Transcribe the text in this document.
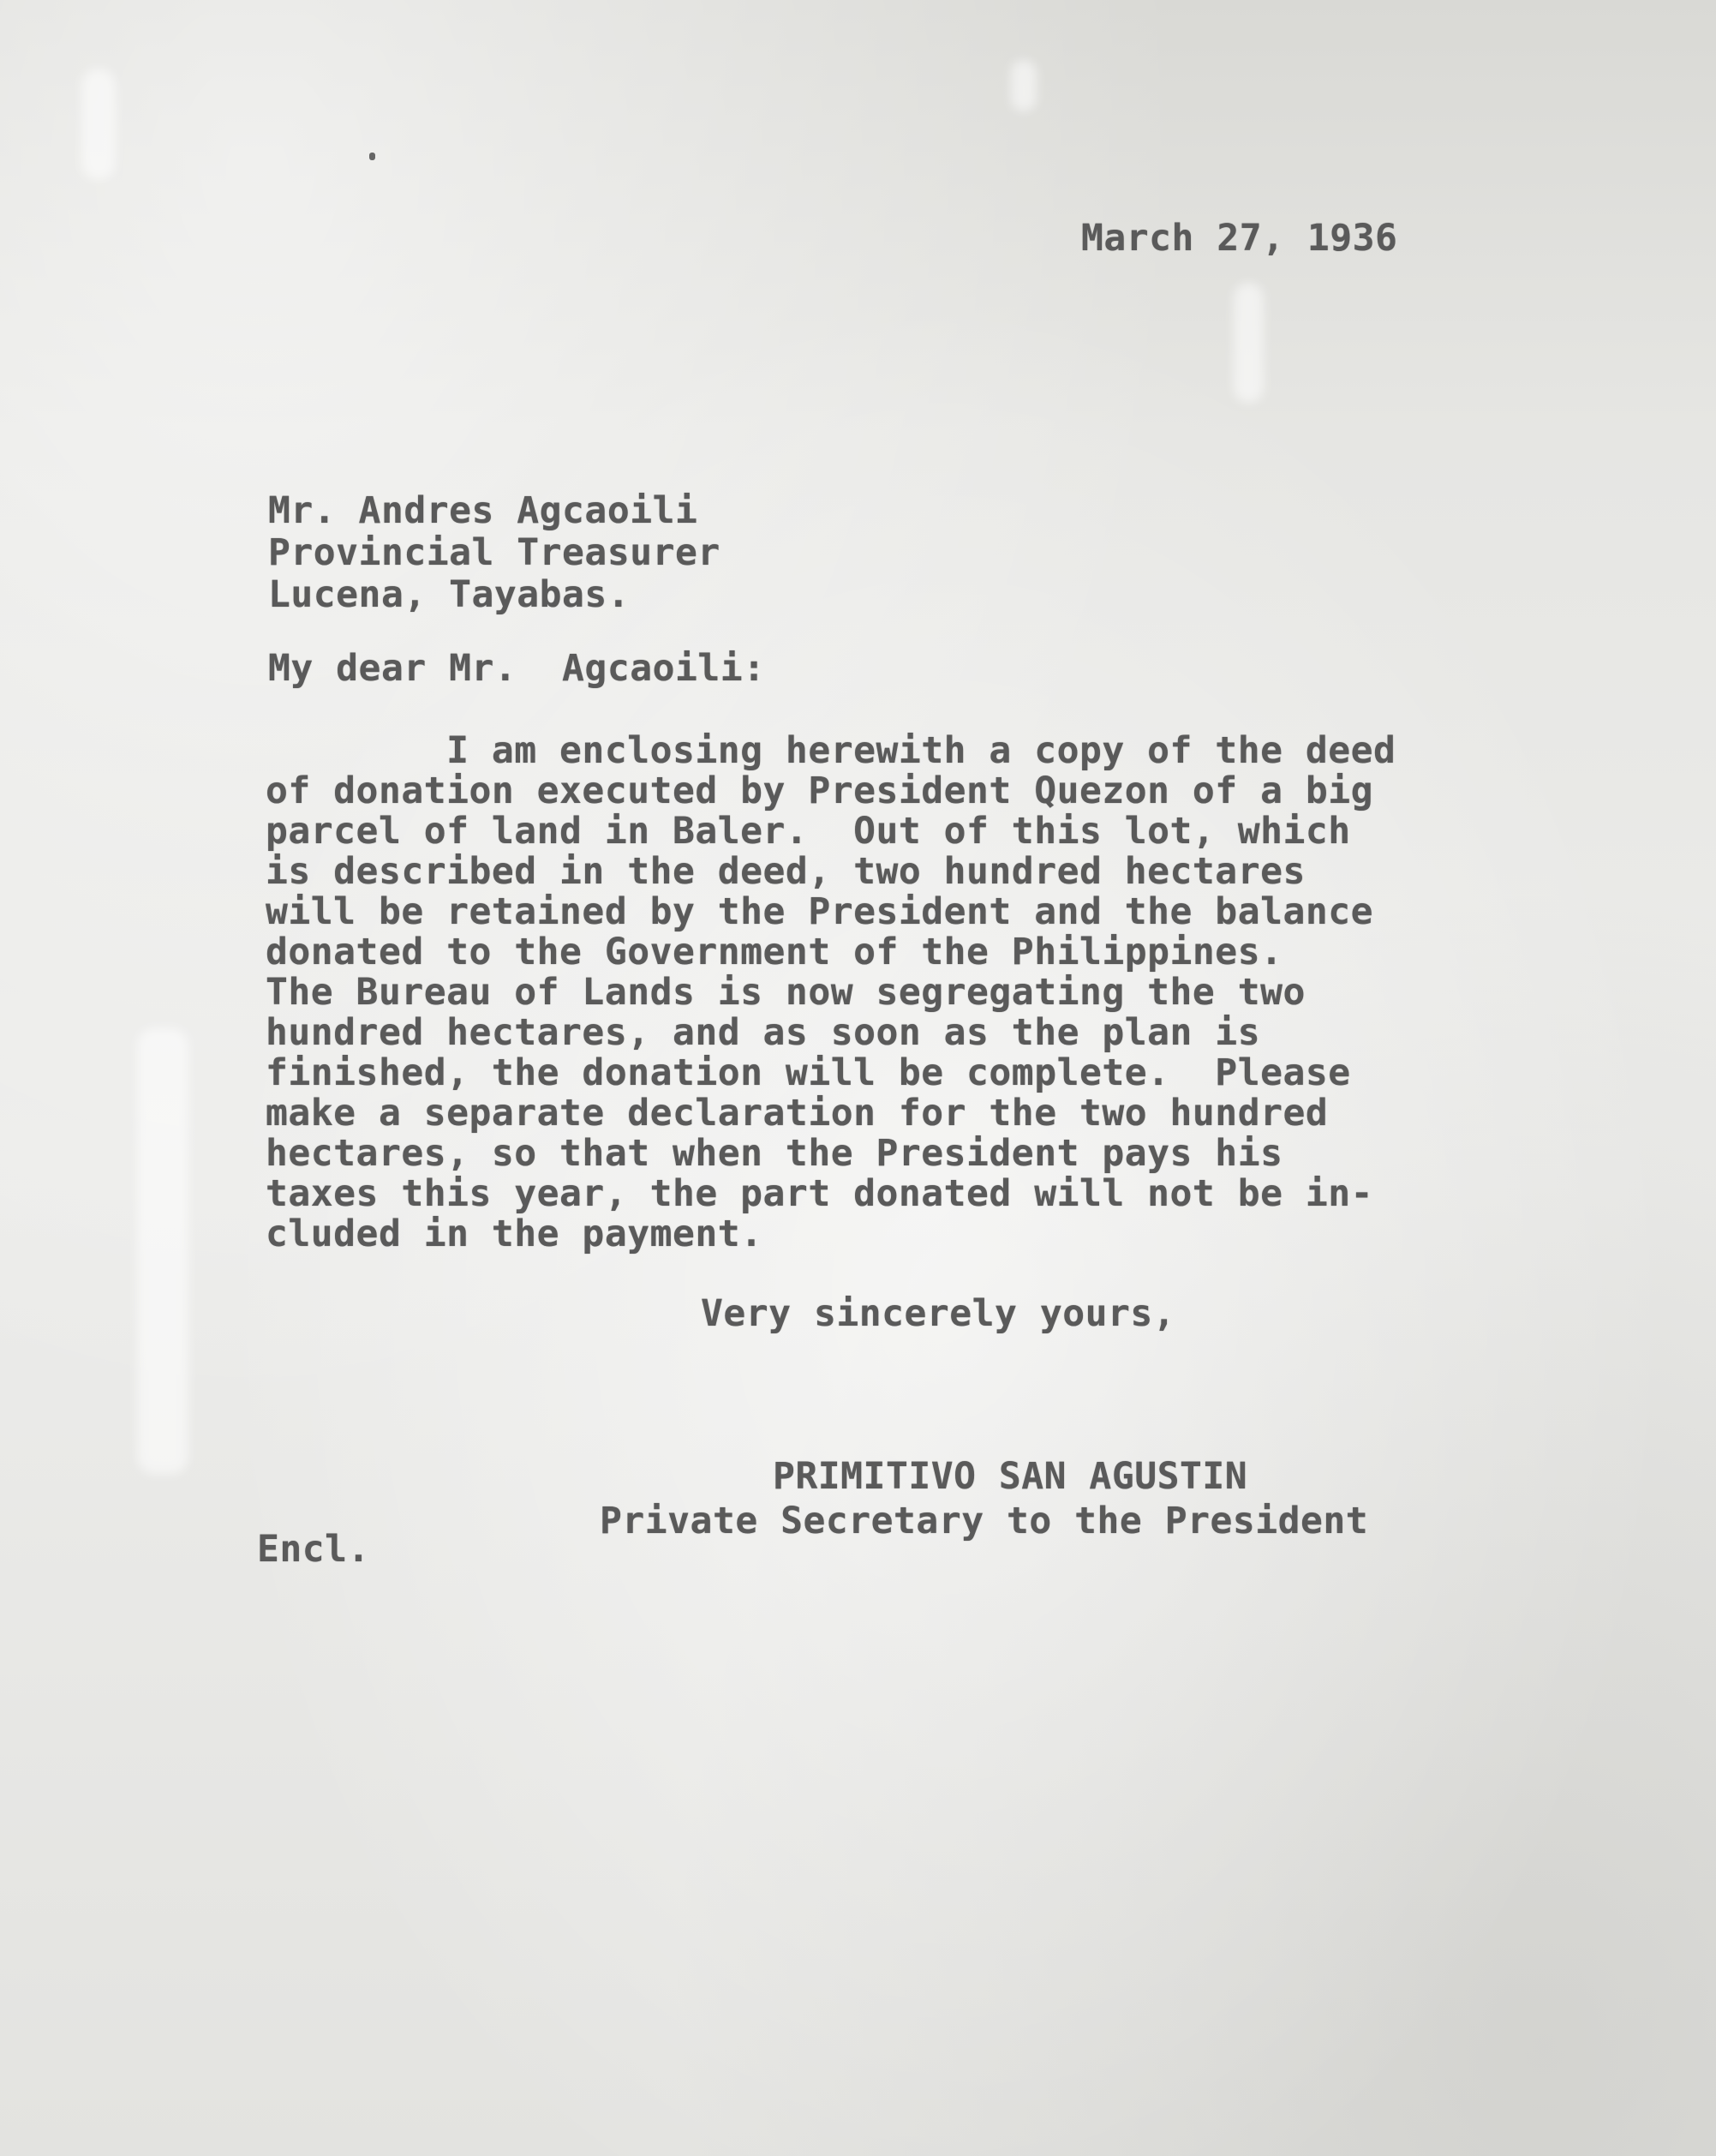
March 27, 1936
Mr. Andres Agcaoili
Provincial Treasurer
Lucena, Tayabas.
My dear Mr.  Agcaoili:
I am enclosing herewith a copy of the deed
of donation executed by President Quezon of a big
parcel of land in Baler.  Out of this lot, which
is described in the deed, two hundred hectares
will be retained by the President and the balance
donated to the Government of the Philippines.
The Bureau of Lands is now segregating the two
hundred hectares, and as soon as the plan is
finished, the donation will be complete.  Please
make a separate declaration for the two hundred
hectares, so that when the President pays his
taxes this year, the part donated will not be in-
cluded in the payment.
Very sincerely yours,
PRIMITIVO SAN AGUSTIN
Private Secretary to the President
Encl.
